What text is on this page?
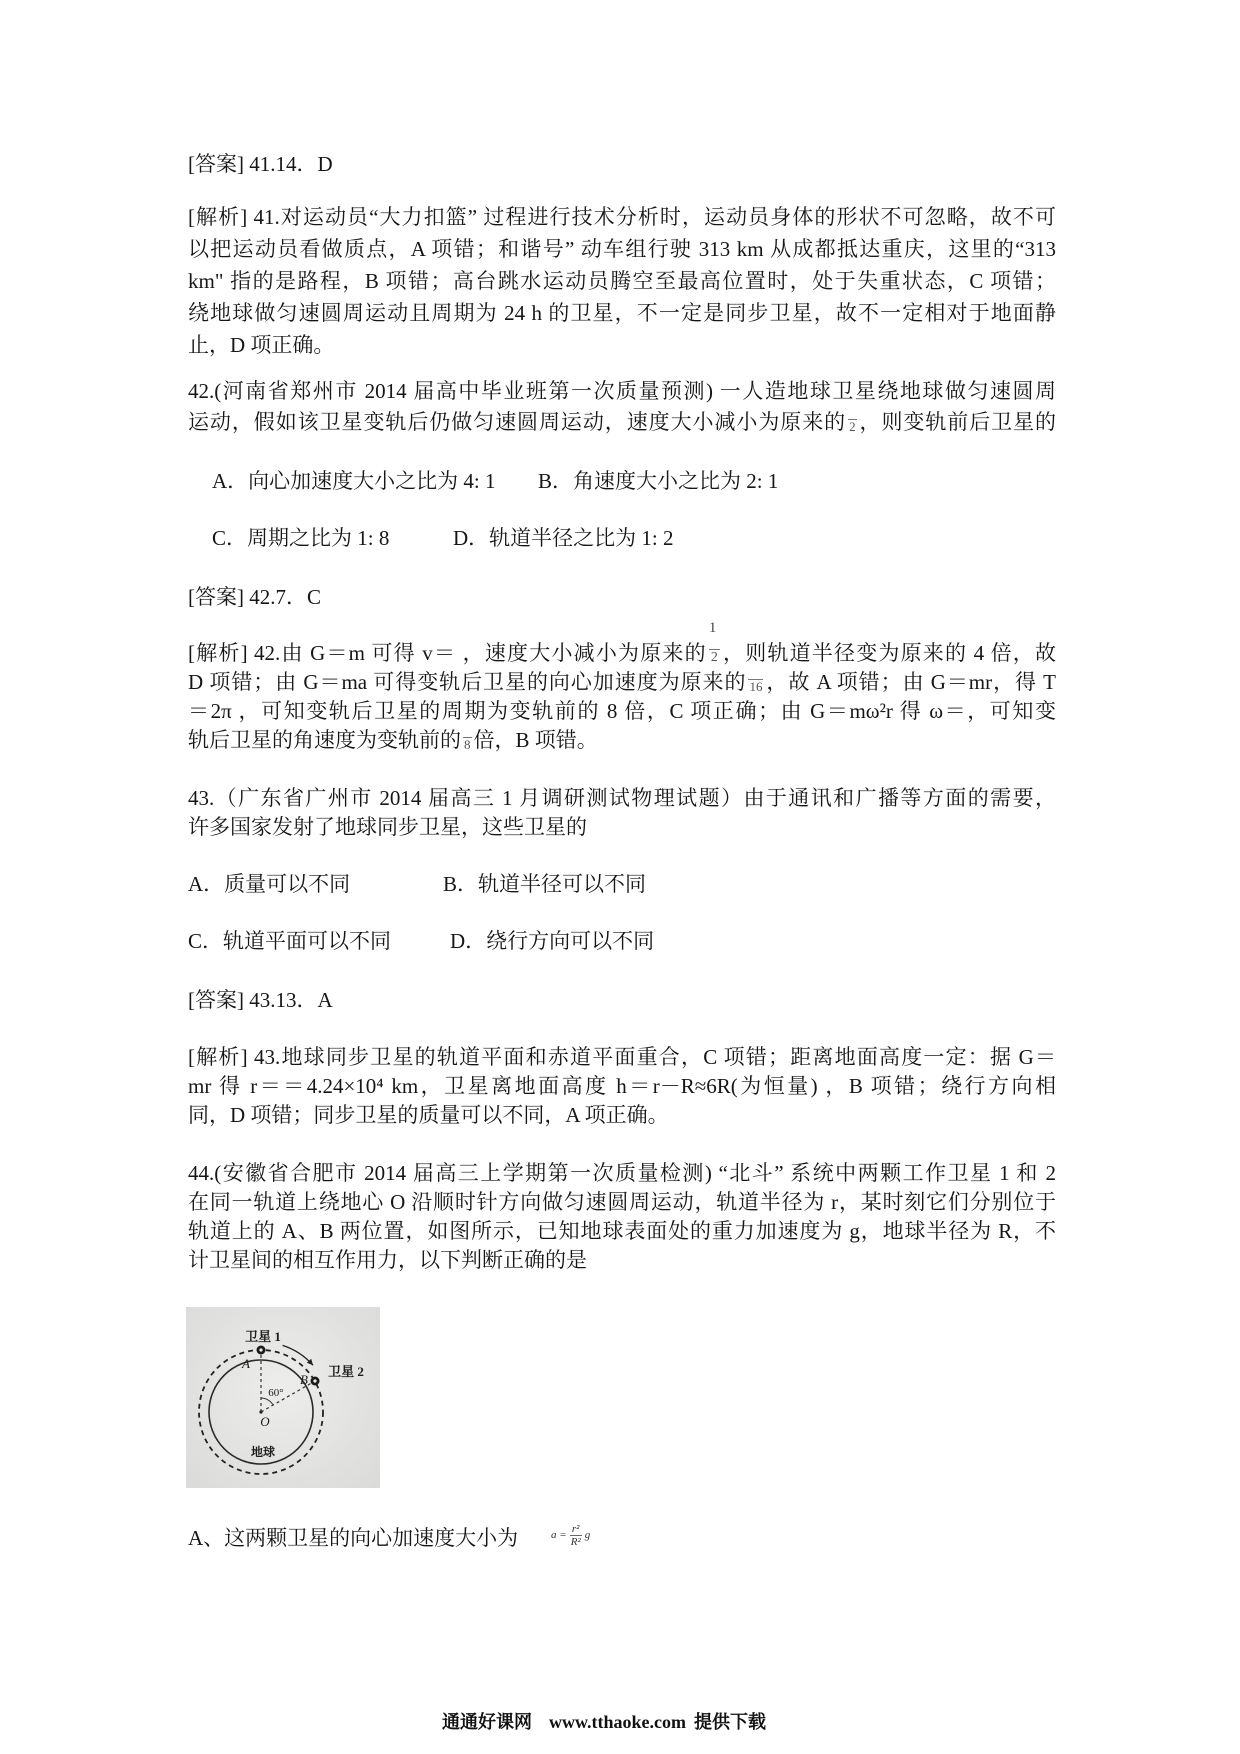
[答案] 41.14．D
[解析] 41.对运动员“大力扣篮” 过程进行技术分析时，运动员身体的形状不可忽略，故不可
以把运动员看做质点，A 项错；和谐号” 动车组行驶 313 km 从成都抵达重庆，这里的“313
km" 指的是路程，B 项错；高台跳水运动员腾空至最高位置时，处于失重状态，C 项错；
绕地球做匀速圆周运动且周期为 24 h 的卫星，不一定是同步卫星，故不一定相对于地面静
止，D 项正确。
42.(河南省郑州市 2014 届高中毕业班第一次质量预测) 一人造地球卫星绕地球做匀速圆周
运动，假如该卫星变轨后仍做匀速圆周运动，速度大小减小为原来的 2 ，则变轨前后卫星的
A．向心加速度大小之比为 4: 1 B．角速度大小之比为 2: 1
C．周期之比为 1: 8	D．轨道半径之比为 1: 2
[答案] 42.7．C
[解析] 42.由 G＝m 可得 v＝ ，速度大小减小为原来的 2
1
，则轨道半径变为原来的 4 倍，故
D 项错；由 G＝ma 可得变轨后卫星的向心加速度为原来的 16 ，故 A 项错；由 G＝mr，得 T
＝2π ，可知变轨后卫星的周期为变轨前的 8 倍，C 项正确；由 G＝mω²r 得 ω＝，可知变
轨后卫星的角速度为变轨前的 8 倍，B 项错。
43.（广东省广州市 2014 届高三 1 月调研测试物理试题）由于通讯和广播等方面的需要，
许多国家发射了地球同步卫星，这些卫星的
A．质量可以不同	B．轨道半径可以不同
C．轨道平面可以不同	D．绕行方向可以不同
[答案] 43.13．A
[解析] 43.地球同步卫星的轨道平面和赤道平面重合，C 项错；距离地面高度一定：据 G＝
mr 得 r＝＝4.24×10⁴ km，卫星离地面高度 h＝r－R≈6R(为恒量) ，B 项错；绕行方向相
同，D 项错；同步卫星的质量可以不同，A 项正确。
44.(安徽省合肥市 2014 届高三上学期第一次质量检测) “北斗” 系统中两颗工作卫星 1 和 2
在同一轨道上绕地心 O 沿顺时针方向做匀速圆周运动，轨道半径为 r，某时刻它们分别位于
轨道上的 A、B 两位置，如图所示，已知地球表面处的重力加速度为 g，地球半径为 R，不
计卫星间的相互作用力，以下判断正确的是
卫星 1
A
卫星 2
B
60°
O
地球
A、这两颗卫星的向心加速度大小为	$a = \frac{\text{r²}}{\text{R²}}$ g
通通好课网 www.tthaoke.com 提供下载
